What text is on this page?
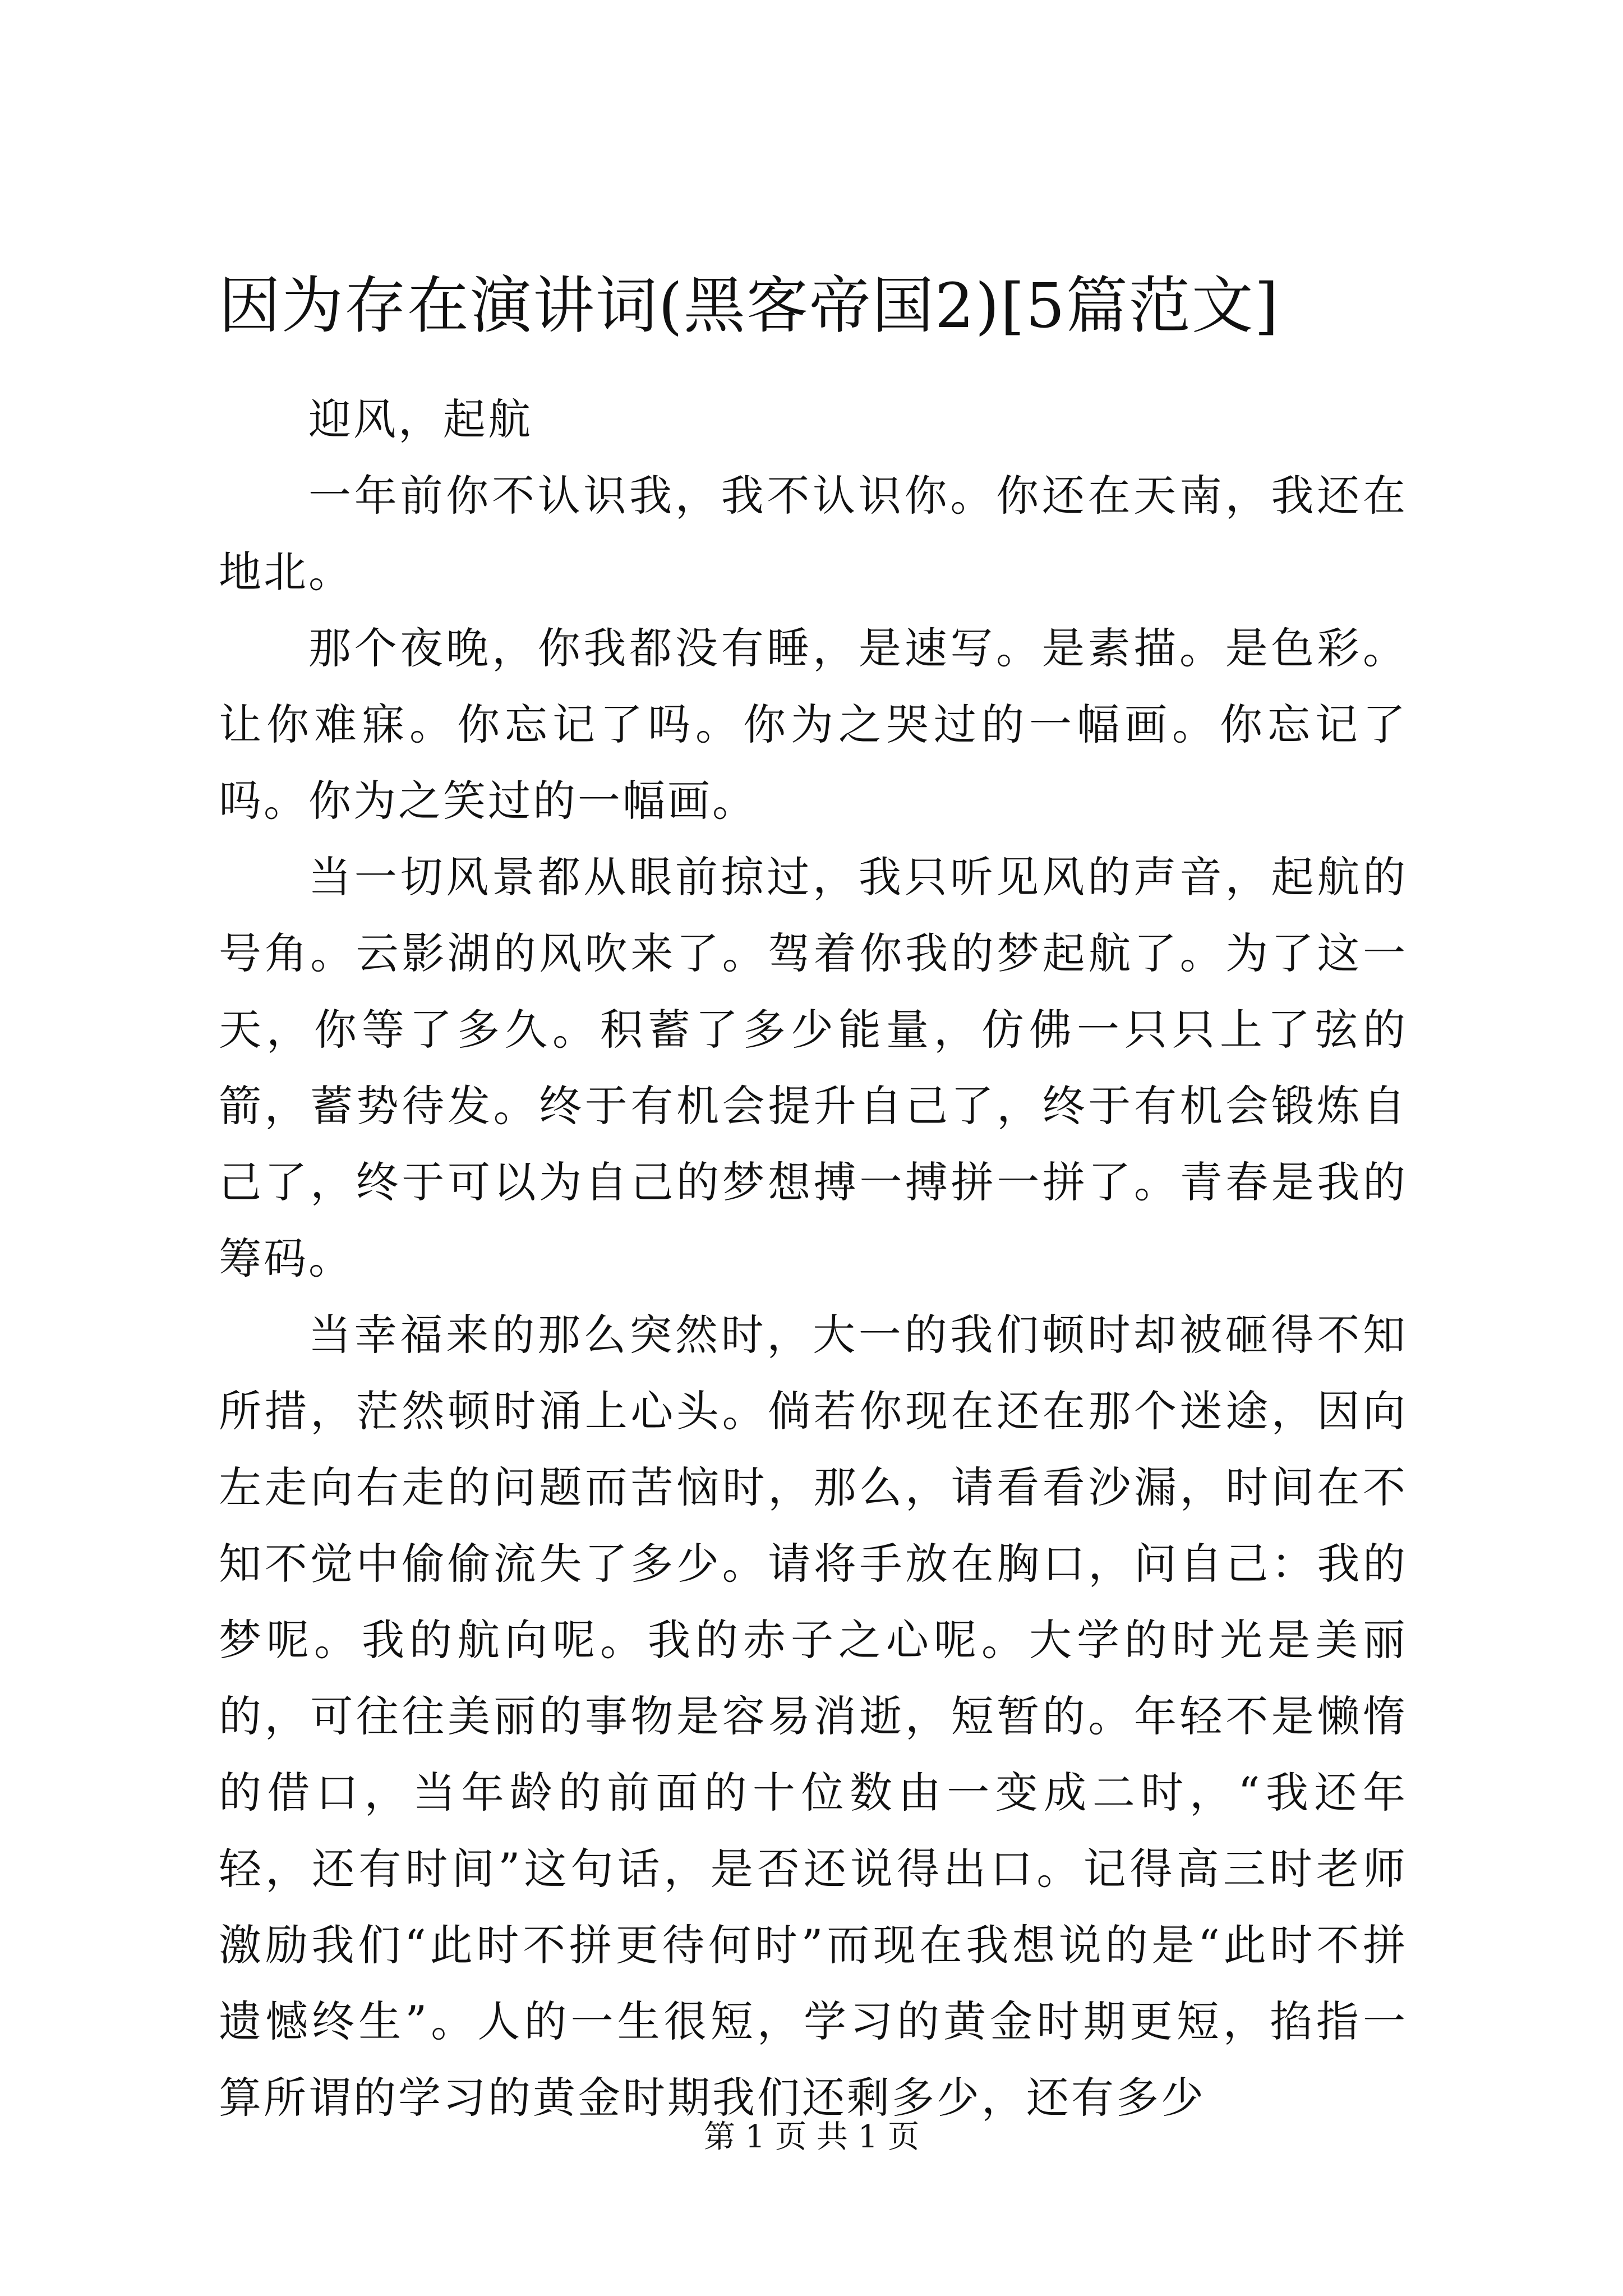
因为存在演讲词(黑客帝国2)[5篇范文]

迎风，起航

一年前你不认识我，我不认识你。你还在天南，我还在地北。

那个夜晚，你我都没有睡，是速写。是素描。是色彩。让你难寐。你忘记了吗。你为之哭过的一幅画。你忘记了吗。你为之笑过的一幅画。

当一切风景都从眼前掠过，我只听见风的声音，起航的号角。云影湖的风吹来了。驾着你我的梦起航了。为了这一天，你等了多久。积蓄了多少能量，仿佛一只只上了弦的箭，蓄势待发。终于有机会提升自己了，终于有机会锻炼自己了，终于可以为自己的梦想搏一搏拼一拼了。青春是我的筹码。

当幸福来的那么突然时，大一的我们顿时却被砸得不知所措，茫然顿时涌上心头。倘若你现在还在那个迷途，因向左走向右走的问题而苦恼时，那么，请看看沙漏，时间在不知不觉中偷偷流失了多少。请将手放在胸口，问自己：我的梦呢。我的航向呢。我的赤子之心呢。大学的时光是美丽的，可往往美丽的事物是容易消逝，短暂的。年轻不是懒惰的借口，当年龄的前面的十位数由一变成二时，“我还年轻，还有时间”这句话，是否还说得出口。记得高三时老师激励我们“此时不拼更待何时”而现在我想说的是“此时不拼遗憾终生”。人的一生很短，学习的黄金时期更短，掐指一算所谓的学习的黄金时期我们还剩多少，还有多少

第 1 页 共 1 页
